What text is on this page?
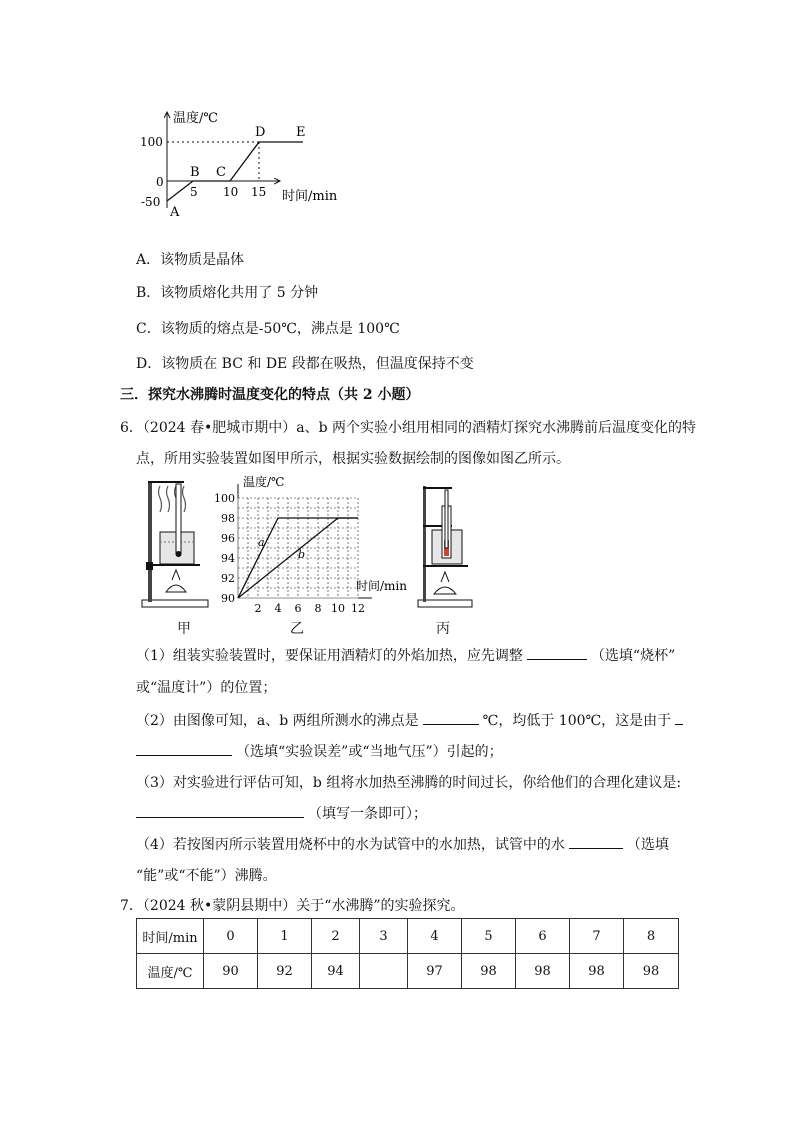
温度/℃
100
0
-50
5 10 15 时间/min
A
B C
D E
A．该物质是晶体
B．该物质熔化共用了 5 分钟
C．该物质的熔点是-50℃，沸点是 100℃
D．该物质在 BC 和 DE 段都在吸热，但温度保持不变
三．探究水沸腾时温度变化的特点（共 2 小题）
6．（2024 春•肥城市期中）a、b 两个实验小组用相同的酒精灯探究水沸腾前后温度变化的特
点，所用实验装置如图甲所示，根据实验数据绘制的图像如图乙所示。
甲
100
98
96
94
92
90
2 4 6 8 10 12
温度/℃
时间/min
a
b
乙	丙
（1）组装实验装置时，要保证用酒精灯的外焰加热，应先调整	（选填“烧杯”
或“温度计”）的位置；
（2）由图像可知，a、b 两组所测水的沸点是	℃，均低于 100℃，这是由于
（选填“实验误差”或“当地气压”）引起的；
（3）对实验进行评估可知，b 组将水加热至沸腾的时间过长，你给他们的合理化建议是:
（填写一条即可）；
（4）若按图丙所示装置用烧杯中的水为试管中的水加热，试管中的水	（选填
“能”或“不能”）沸腾。
7．（2024 秋•蒙阴县期中）关于“水沸腾”的实验探究。
时间/min	0	1	2	3	4	5	6	7	8
温度/℃	90	92	94		97	98	98	98	98
